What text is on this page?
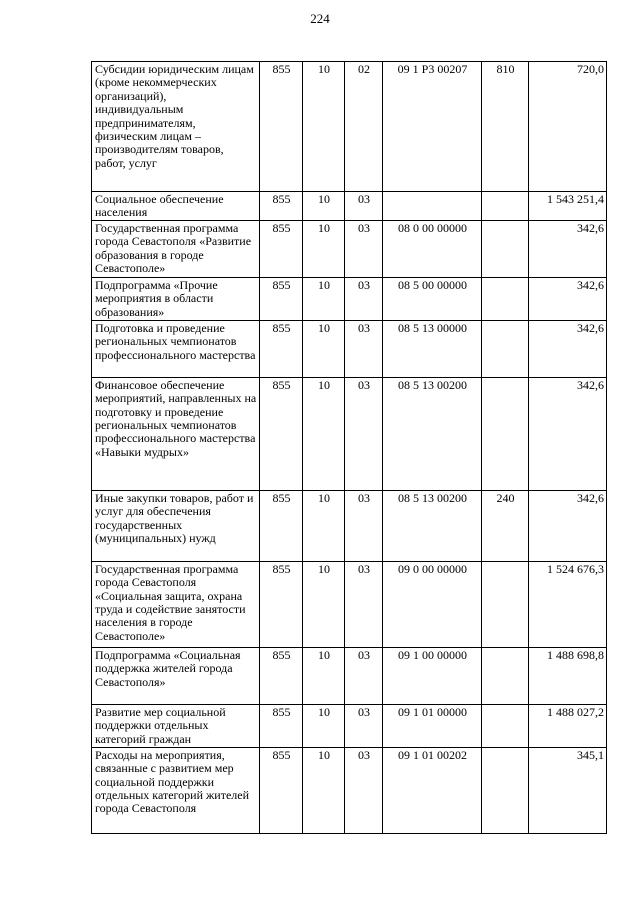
224
Субсидии юридическим лицам (кроме некоммерческих организаций), индивидуальным предпринимателям, физическим лицам – производителям товаров, работ, услуг	855	10	02	09 1 P3 00207	810	720,0
Социальное обеспечение населения	855	10	03			1 543 251,4
Государственная программа города Севастополя «Развитие образования в городе Севастополе»	855	10	03	08 0 00 00000		342,6
Подпрограмма «Прочие мероприятия в области образования»	855	10	03	08 5 00 00000		342,6
Подготовка и проведение региональных чемпионатов профессионального мастерства	855	10	03	08 5 13 00000		342,6
Финансовое обеспечение мероприятий, направленных на подготовку и проведение региональных чемпионатов профессионального мастерства «Навыки мудрых»	855	10	03	08 5 13 00200		342,6
Иные закупки товаров, работ и услуг для обеспечения государственных (муниципальных) нужд	855	10	03	08 5 13 00200	240	342,6
Государственная программа города Севастополя «Социальная защита, охрана труда и содействие занятости населения в городе Севастополе»	855	10	03	09 0 00 00000		1 524 676,3
Подпрограмма «Социальная поддержка жителей города Севастополя»	855	10	03	09 1 00 00000		1 488 698,8
Развитие мер социальной поддержки отдельных категорий граждан	855	10	03	09 1 01 00000		1 488 027,2
Расходы на мероприятия, связанные с развитием мер социальной поддержки отдельных категорий жителей города Севастополя	855	10	03	09 1 01 00202		345,1
